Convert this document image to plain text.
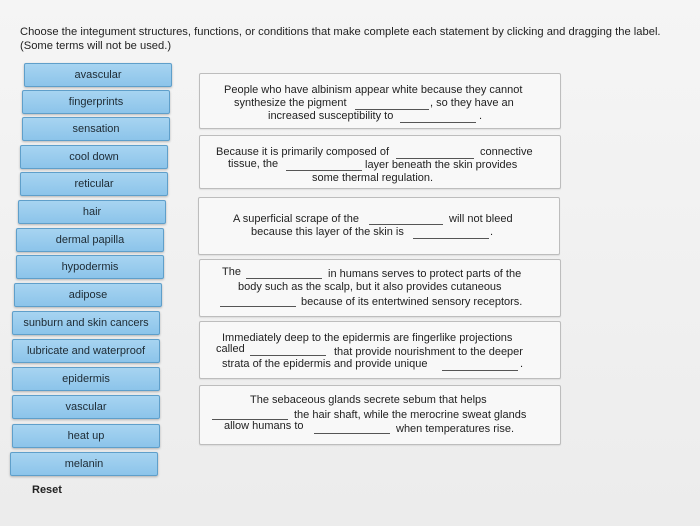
Choose the integument structures, functions, or conditions that make complete each statement by clicking and dragging the label. (Some terms will not be used.)
avascular
fingerprints
sensation
cool down
reticular
hair
dermal papilla
hypodermis
adipose
sunburn and skin cancers
lubricate and waterproof
epidermis
vascular
heat up
melanin
People who have albinism appear white because they cannot
synthesize the pigment	, so they have an
increased susceptibility to	.
Because it is primarily composed of	connective
tissue, the	layer beneath the skin provides
some thermal regulation.
A superficial scrape of the	will not bleed
because this layer of the skin is	.
The	in humans serves to protect parts of the
body such as the scalp, but it also provides cutaneous
because of its entertwined sensory receptors.
Immediately deep to the epidermis are fingerlike projections
called	that provide nourishment to the deeper
strata of the epidermis and provide unique	.
The sebaceous glands secrete sebum that helps
the hair shaft, while the merocrine sweat glands
allow humans to	when temperatures rise.
Reset
